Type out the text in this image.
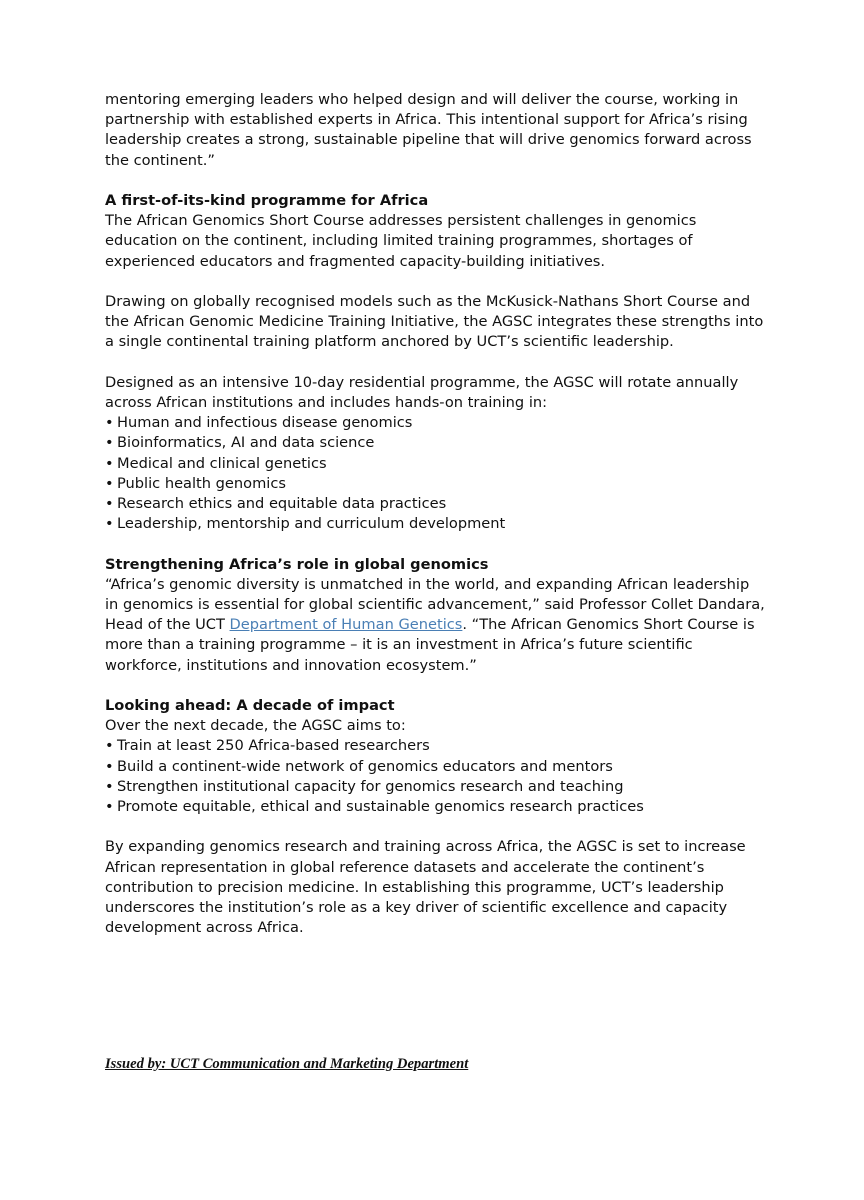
mentoring emerging leaders who helped design and will deliver the course, working in partnership with established experts in Africa. This intentional support for Africa’s rising leadership creates a strong, sustainable pipeline that will drive genomics forward across the continent.”

A first-of-its-kind programme for Africa

The African Genomics Short Course addresses persistent challenges in genomics education on the continent, including limited training programmes, shortages of experienced educators and fragmented capacity-building initiatives.

Drawing on globally recognised models such as the McKusick-Nathans Short Course and the African Genomic Medicine Training Initiative, the AGSC integrates these strengths into a single continental training platform anchored by UCT’s scientific leadership.

Designed as an intensive 10-day residential programme, the AGSC will rotate annually across African institutions and includes hands-on training in:

• Human and infectious disease genomics
• Bioinformatics, AI and data science
• Medical and clinical genetics
• Public health genomics
• Research ethics and equitable data practices
• Leadership, mentorship and curriculum development

Strengthening Africa’s role in global genomics

“Africa’s genomic diversity is unmatched in the world, and expanding African leadership in genomics is essential for global scientific advancement,” said Professor Collet Dandara, Head of the UCT Department of Human Genetics. “The African Genomics Short Course is more than a training programme – it is an investment in Africa’s future scientific workforce, institutions and innovation ecosystem.”

Looking ahead: A decade of impact

Over the next decade, the AGSC aims to:

• Train at least 250 Africa-based researchers
• Build a continent-wide network of genomics educators and mentors
• Strengthen institutional capacity for genomics research and teaching
• Promote equitable, ethical and sustainable genomics research practices

By expanding genomics research and training across Africa, the AGSC is set to increase African representation in global reference datasets and accelerate the continent’s contribution to precision medicine. In establishing this programme, UCT’s leadership underscores the institution’s role as a key driver of scientific excellence and capacity development across Africa.

Issued by: UCT Communication and Marketing Department
